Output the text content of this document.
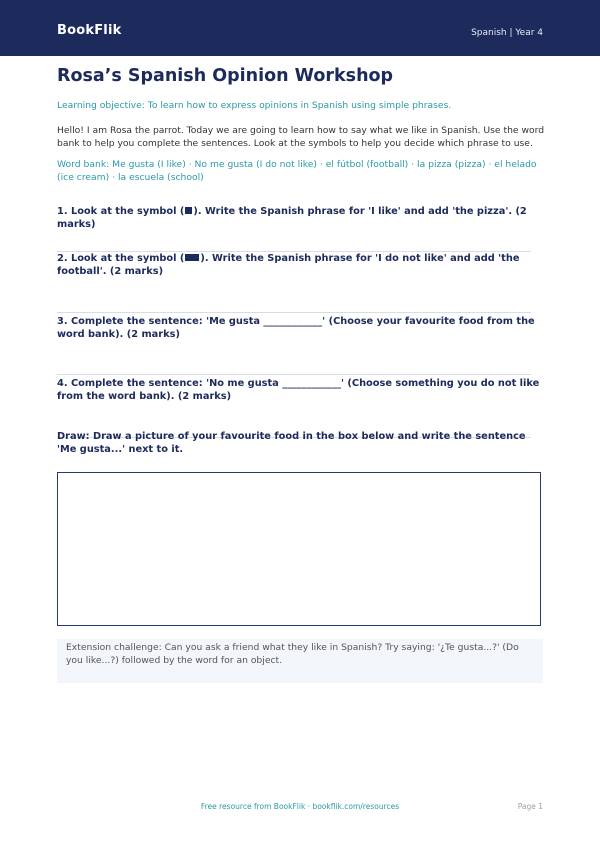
BookFlik	Spanish | Year 4
Rosa’s Spanish Opinion Workshop
Learning objective: To learn how to express opinions in Spanish using simple phrases.
Hello! I am Rosa the parrot. Today we are going to learn how to say what we like in Spanish. Use the word bank to help you complete the sentences. Look at the symbols to help you decide which phrase to use.
Word bank: Me gusta (I like) · No me gusta (I do not like) · el fútbol (football) · la pizza (pizza) · el helado (ice cream) · la escuela (school)
1. Look at the symbol ( ). Write the Spanish phrase for 'I like' and add 'the pizza'. (2 marks)
2. Look at the symbol ( ). Write the Spanish phrase for 'I do not like' and add 'the football'. (2 marks)
3. Complete the sentence: 'Me gusta ____________' (Choose your favourite food from the word bank). (2 marks)
4. Complete the sentence: 'No me gusta ____________' (Choose something you do not like from the word bank). (2 marks)
Draw: Draw a picture of your favourite food in the box below and write the sentence 'Me gusta...' next to it.
Extension challenge: Can you ask a friend what they like in Spanish? Try saying: '¿Te gusta...?' (Do you like...?) followed by the word for an object.
Free resource from BookFlik · bookflik.com/resources	Page 1
